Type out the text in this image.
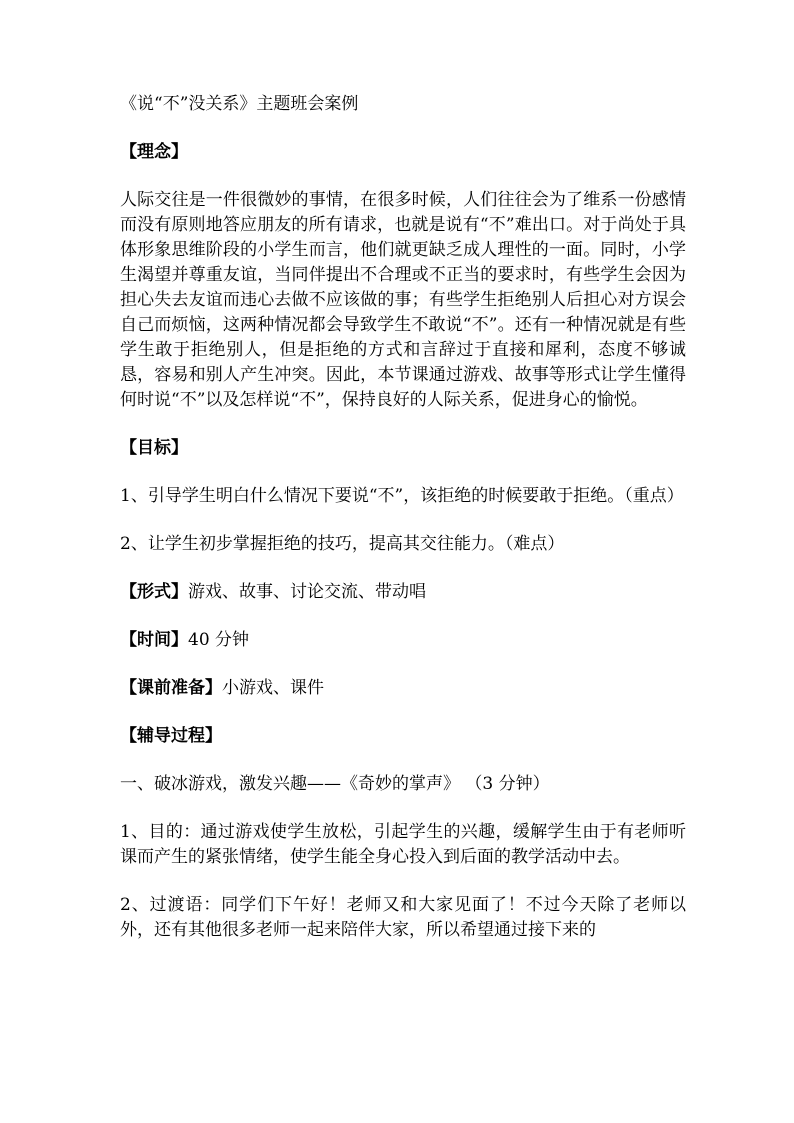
《说“不”没关系》主题班会案例

【理念】

人际交往是一件很微妙的事情，在很多时候，人们往往会为了维系一份感情而没有原则地答应朋友的所有请求，也就是说有“不”难出口。对于尚处于具体形象思维阶段的小学生而言，他们就更缺乏成人理性的一面。同时，小学生渴望并尊重友谊，当同伴提出不合理或不正当的要求时，有些学生会因为担心失去友谊而违心去做不应该做的事；有些学生拒绝别人后担心对方误会自己而烦恼，这两种情况都会导致学生不敢说“不”。还有一种情况就是有些学生敢于拒绝别人，但是拒绝的方式和言辞过于直接和犀利，态度不够诚恳，容易和别人产生冲突。因此，本节课通过游戏、故事等形式让学生懂得何时说“不”以及怎样说“不”，保持良好的人际关系，促进身心的愉悦。

【目标】

1、引导学生明白什么情况下要说“不”，该拒绝的时候要敢于拒绝。（重点）

2、让学生初步掌握拒绝的技巧，提高其交往能力。（难点）

【形式】游戏、故事、讨论交流、带动唱

【时间】40 分钟

【课前准备】小游戏、课件

【辅导过程】

一、破冰游戏，激发兴趣——《奇妙的掌声》 （3 分钟）

1、目的：通过游戏使学生放松，引起学生的兴趣，缓解学生由于有老师听课而产生的紧张情绪，使学生能全身心投入到后面的教学活动中去。

2、过渡语：同学们下午好！老师又和大家见面了！不过今天除了老师以外，还有其他很多老师一起来陪伴大家，所以希望通过接下来的
